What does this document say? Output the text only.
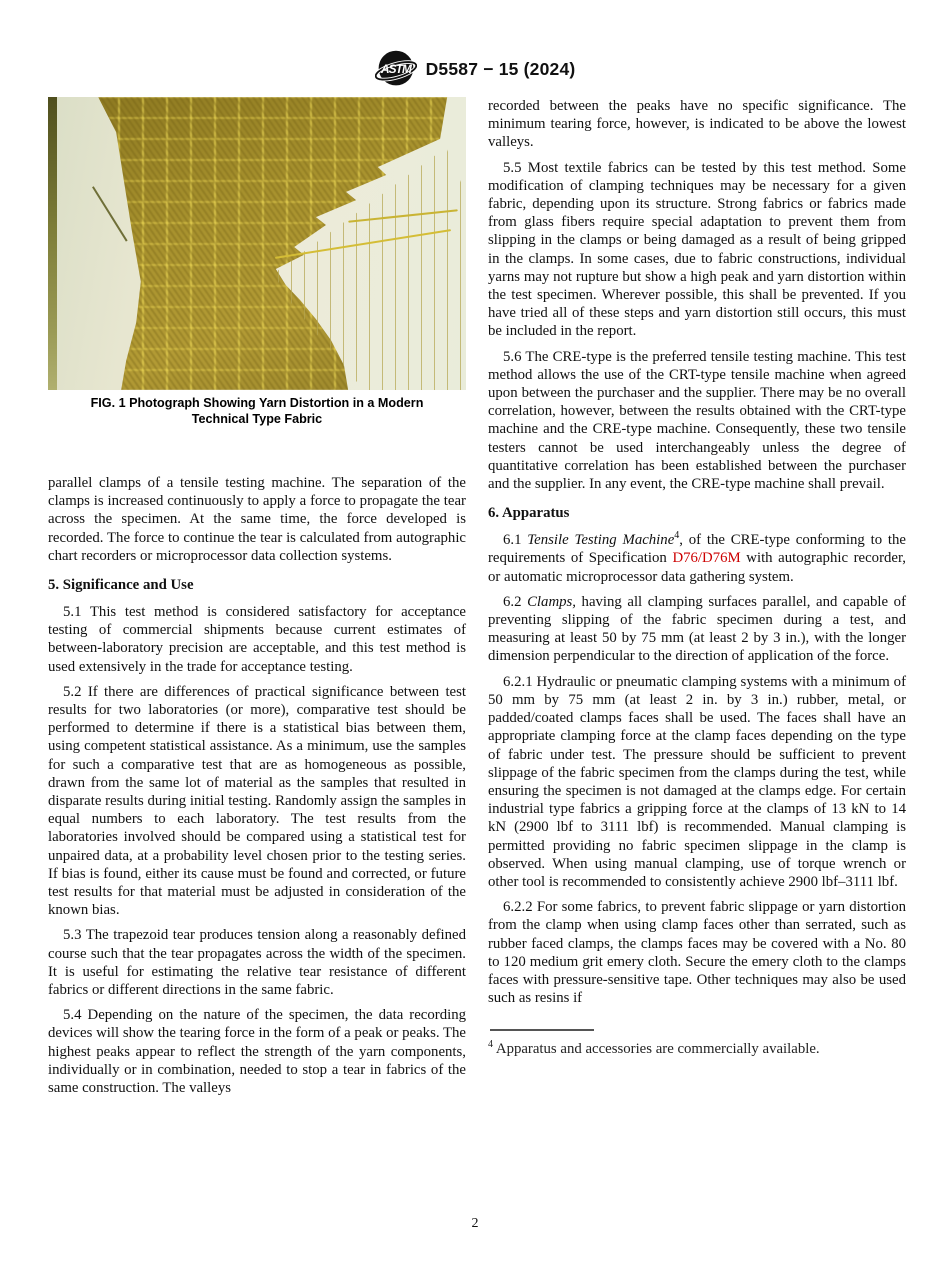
ASTM D5587 − 15 (2024)
FIG. 1 Photograph Showing Yarn Distortion in a Modern Technical Type Fabric

parallel clamps of a tensile testing machine. The separation of the clamps is increased continuously to apply a force to propagate the tear across the specimen. At the same time, the force developed is recorded. The force to continue the tear is calculated from autographic chart recorders or microprocessor data collection systems.

5. Significance and Use

5.1 This test method is considered satisfactory for acceptance testing of commercial shipments because current estimates of between-laboratory precision are acceptable, and this test method is used extensively in the trade for acceptance testing.

5.2 If there are differences of practical significance between test results for two laboratories (or more), comparative test should be performed to determine if there is a statistical bias between them, using competent statistical assistance. As a minimum, use the samples for such a comparative test that are as homogeneous as possible, drawn from the same lot of material as the samples that resulted in disparate results during initial testing. Randomly assign the samples in equal numbers to each laboratory. The test results from the laboratories involved should be compared using a statistical test for unpaired data, at a probability level chosen prior to the testing series. If bias is found, either its cause must be found and corrected, or future test results for that material must be adjusted in consideration of the known bias.

5.3 The trapezoid tear produces tension along a reasonably defined course such that the tear propagates across the width of the specimen. It is useful for estimating the relative tear resistance of different fabrics or different directions in the same fabric.

5.4 Depending on the nature of the specimen, the data recording devices will show the tearing force in the form of a peak or peaks. The highest peaks appear to reflect the strength of the yarn components, individually or in combination, needed to stop a tear in fabrics of the same construction. The valleys

recorded between the peaks have no specific significance. The minimum tearing force, however, is indicated to be above the lowest valleys.

5.5 Most textile fabrics can be tested by this test method. Some modification of clamping techniques may be necessary for a given fabric, depending upon its structure. Strong fabrics or fabrics made from glass fibers require special adaptation to prevent them from slipping in the clamps or being damaged as a result of being gripped in the clamps. In some cases, due to fabric constructions, individual yarns may not rupture but show a high peak and yarn distortion within the test specimen. Wherever possible, this shall be prevented. If you have tried all of these steps and yarn distortion still occurs, this must be included in the report.

5.6 The CRE-type is the preferred tensile testing machine. This test method allows the use of the CRT-type tensile machine when agreed upon between the purchaser and the supplier. There may be no overall correlation, however, between the results obtained with the CRT-type machine and the CRE-type machine. Consequently, these two tensile testers cannot be used interchangeably unless the degree of quantitative correlation has been established between the purchaser and the supplier. In any event, the CRE-type machine shall prevail.

6. Apparatus

6.1 Tensile Testing Machine$^4$, of the CRE-type conforming to the requirements of Specification D76/D76M with autographic recorder, or automatic microprocessor data gathering system.

6.2 Clamps, having all clamping surfaces parallel, and capable of preventing slipping of the fabric specimen during a test, and measuring at least 50 by 75 mm (at least 2 by 3 in.), with the longer dimension perpendicular to the direction of application of the force.

6.2.1 Hydraulic or pneumatic clamping systems with a minimum of 50 mm by 75 mm (at least 2 in. by 3 in.) rubber, metal, or padded/coated clamps faces shall be used. The faces shall have an appropriate clamping force at the clamp faces depending on the type of fabric under test. The pressure should be sufficient to prevent slippage of the fabric specimen from the clamps during the test, while ensuring the specimen is not damaged at the clamps edge. For certain industrial type fabrics a gripping force at the clamps of 13 kN to 14 kN (2900 lbf to 3111 lbf) is recommended. Manual clamping is permitted providing no fabric specimen slippage in the clamp is observed. When using manual clamping, use of torque wrench or other tool is recommended to consistently achieve 2900 lbf–3111 lbf.

6.2.2 For some fabrics, to prevent fabric slippage or yarn distortion from the clamp when using clamp faces other than serrated, such as rubber faced clamps, the clamps faces may be covered with a No. 80 to 120 medium grit emery cloth. Secure the emery cloth to the clamps faces with pressure-sensitive tape. Other techniques may also be used such as resins if

$^4$ Apparatus and accessories are commercially available.

2
